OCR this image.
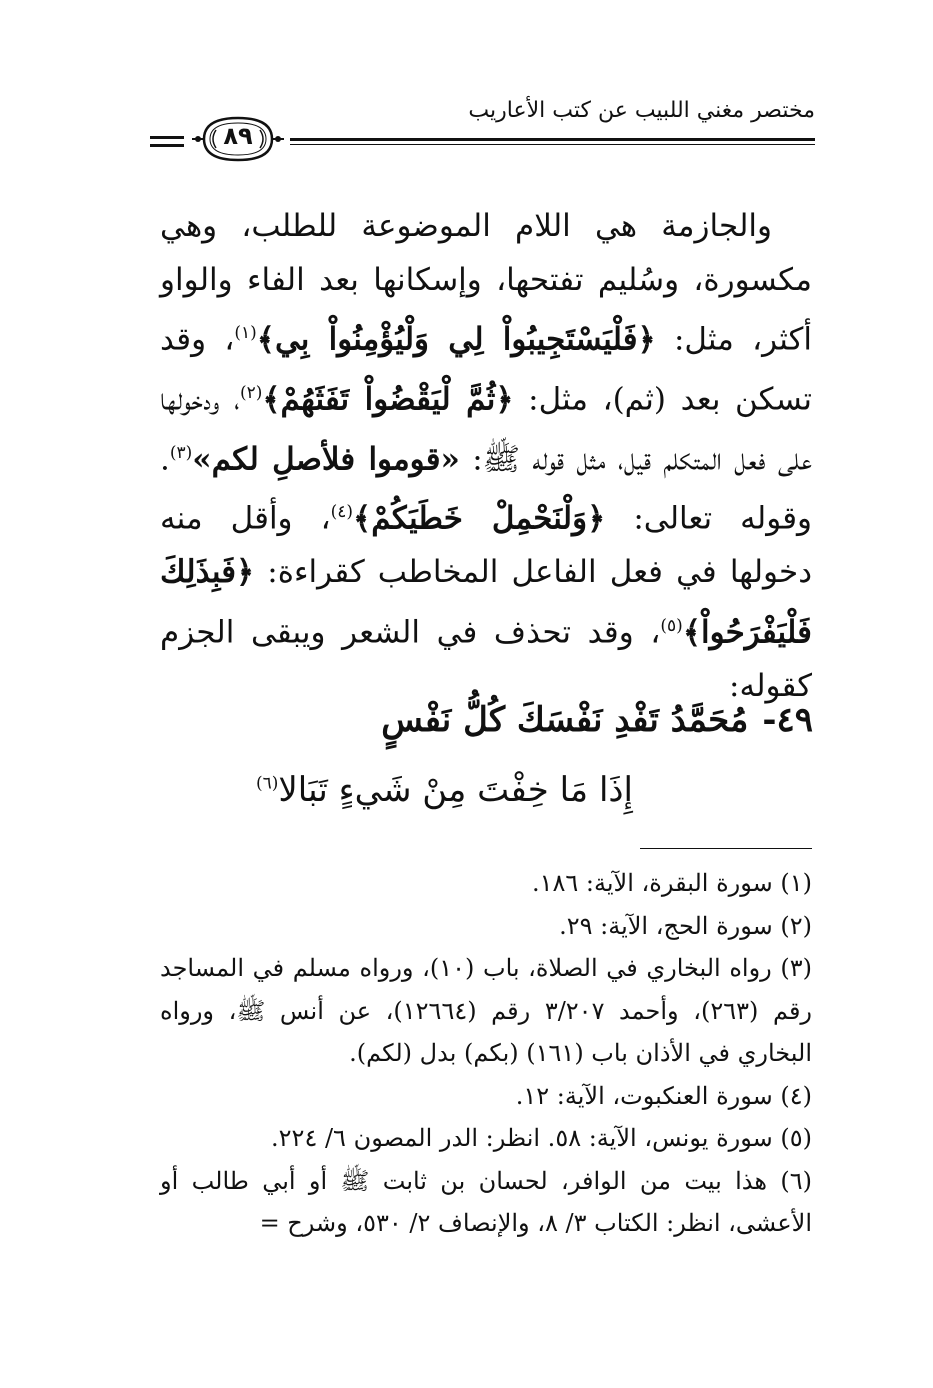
مختصر مغني اللبيب عن كتب الأعاريب
٨٩

والجازمة هي اللام الموضوعة للطلب، وهي مكسورة، وسُليم تفتحها، وإسكانها بعد الفاء والواو أكثر، مثل: ﴿فَلْيَسْتَجِيبُواْ لِي وَلْيُؤْمِنُواْ بِي﴾$^{(١)}$، وقد تسكن بعد (ثم)، مثل: ﴿ثُمَّ لْيَقْضُواْ تَفَثَهُمْ﴾$^{(٢)}$، ودخولها على فعل المتكلم قيل، مثل قوله ﷺ: «قوموا فلأصلِ لكم»$^{(٣)}$. وقوله تعالى: ﴿وَلْنَحْمِلْ خَطَيَكُمْ﴾$^{(٤)}$، وأقل منه دخولها في فعل الفاعل المخاطب كقراءة: ﴿فَبِذَلِكَ فَلْيَفْرَحُواْ﴾$^{(٥)}$، وقد تحذف في الشعر ويبقى الجزم كقوله:

٤٩-مُحَمَّدُ تَفْدِ نَفْسَكَ كُلُّ نَفْسٍ
إِذَا مَا خِفْتَ مِنْ شَيءٍ تَبَالا$^{(٦)}$
(١) سورة البقرة، الآية: ١٨٦.
(٢) سورة الحج، الآية: ٢٩.
(٣) رواه البخاري في الصلاة، باب (١٠)، ورواه مسلم في المساجد رقم (٢٦٣)، وأحمد ٣/٢٠٧ رقم (١٢٦٦٤)، عن أنس ﷺ، ورواه البخاري في الأذان باب (١٦١) (بكم) بدل (لكم).
(٤) سورة العنكبوت، الآية: ١٢.
(٥) سورة يونس، الآية: ٥٨. انظر: الدر المصون ٦/ ٢٢٤.
(٦) هذا بيت من الوافر، لحسان بن ثابت ﷺ أو أبي طالب أو الأعشى، انظر: الكتاب ٣/ ٨، والإنصاف ٢/ ٥٣٠، وشرح =
